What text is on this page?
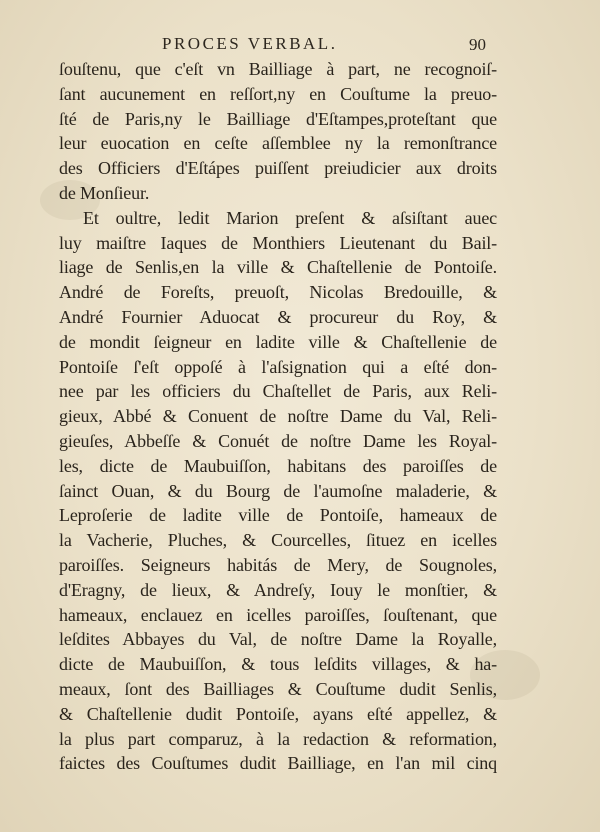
PROCES VERBAL.	90
ſouſtenu, que c'eſt vn Bailliage à part, ne recognoiſ-
ſant aucunement en reſſort,ny en Couſtume la preuo-
ſté de Paris,ny le Bailliage d'Eſtampes,proteſtant que
leur euocation en ceſte aſſemblee ny la remonſtrance
des Officiers d'Eſtápes puiſſent preiudicier aux droits
de Monſieur.
Et oultre, ledit Marion preſent & aſsiſtant auec
luy maiſtre Iaques de Monthiers Lieutenant du Bail-
liage de Senlis,en la ville & Chaſtellenie de Pontoiſe.
André de Foreſts, preuoſt, Nicolas Bredouille, &
André Fournier Aduocat & procureur du Roy, &
de mondit ſeigneur en ladite ville & Chaſtellenie de
Pontoiſe ſ'eſt oppoſé à l'aſsignation qui a eſté don-
nee par les officiers du Chaſtellet de Paris, aux Reli-
gieux, Abbé & Conuent de noſtre Dame du Val, Reli-
gieuſes, Abbeſſe & Conuét de noſtre Dame les Royal-
les, dicte de Maubuiſſon, habitans des paroiſſes de
ſainct Ouan, & du Bourg de l'aumoſne maladerie, &
Leproſerie de ladite ville de Pontoiſe, hameaux de
la Vacherie, Pluches, & Courcelles, ſituez en icelles
paroiſſes. Seigneurs habitás de Mery, de Sougnoles,
d'Eragny, de lieux, & Andreſy, Iouy le monſtier, &
hameaux, enclauez en icelles paroiſſes, ſouſtenant, que
leſdites Abbayes du Val, de noſtre Dame la Royalle,
dicte de Maubuiſſon, & tous leſdits villages, & ha-
meaux, ſont des Bailliages & Couſtume dudit Senlis,
& Chaſtellenie dudit Pontoiſe, ayans eſté appellez, &
la plus part comparuz, à la redaction & reformation,
faictes des Couſtumes dudit Bailliage, en l'an mil cinq
